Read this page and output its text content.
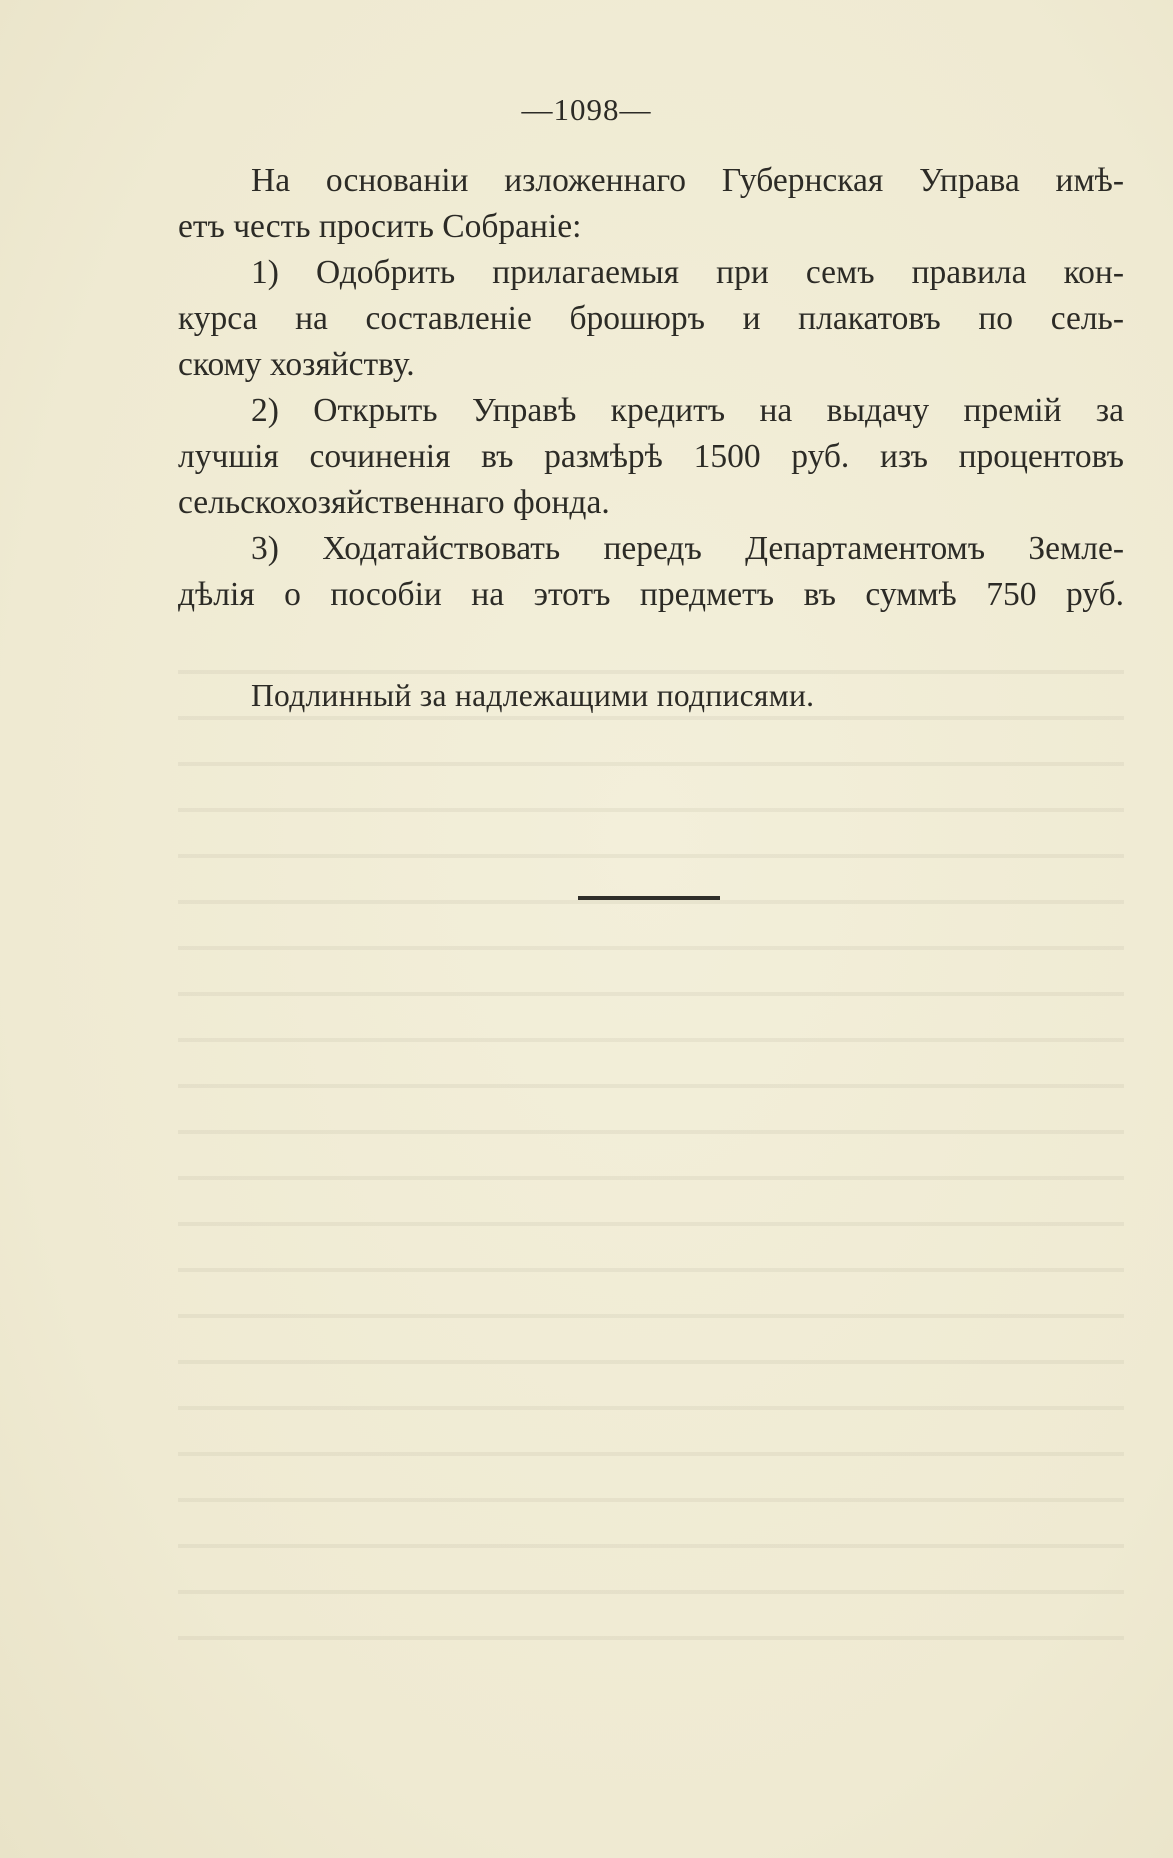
—1098—

На основаніи изложеннаго Губернская Управа имѣ-
етъ честь просить Собраніе:

1) Одобрить прилагаемыя при семъ правила кон-
курса на составленіе брошюръ и плакатовъ по сель-
скому хозяйству.

2) Открыть Управѣ кредитъ на выдачу премій за
лучшія сочиненія въ размѣрѣ 1500 руб. изъ процентовъ
сельскохозяйственнаго фонда.

3) Ходатайствовать передъ Департаментомъ Земле-
дѣлія о пособіи на этотъ предметъ въ суммѣ 750 руб.

Подлинный за надлежащими подписями.
